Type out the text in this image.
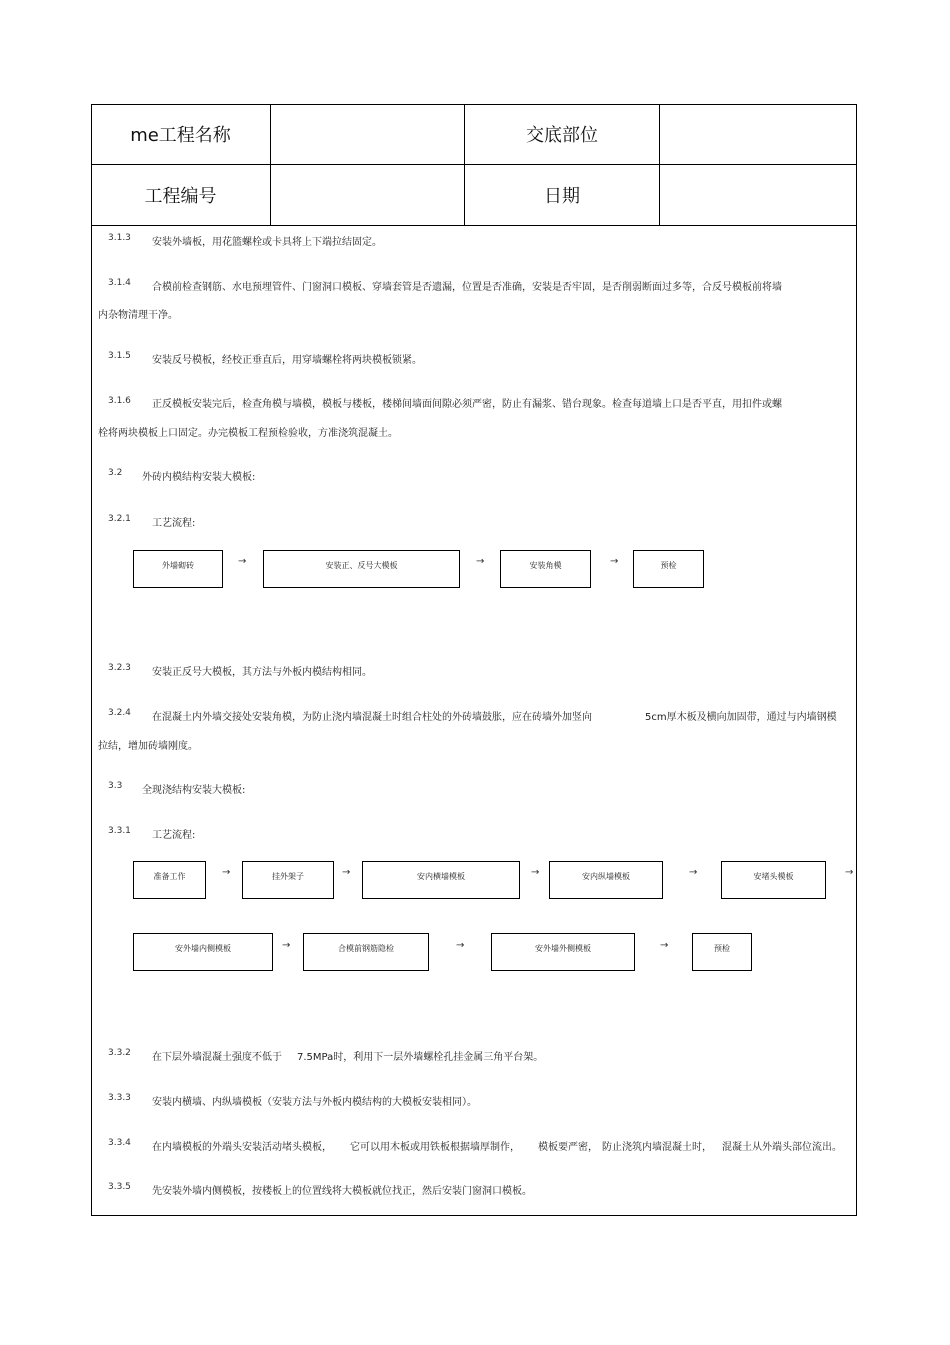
me工程名称	交底部位
工程编号	日期
3.1.3 安装外墙板，用花篮螺栓或卡具将上下端拉结固定。
3.1.4 合模前检查钢筋、水电预埋管件、门窗洞口模板、穿墙套管是否遗漏，位置是否准确，安装是否牢固，是否削弱断面过多等，合反号模板前将墙
内杂物清理干净。
3.1.5 安装反号模板，经校正垂直后，用穿墙螺栓将两块模板锁紧。
3.1.6 正反模板安装完后，检查角模与墙模，模板与楼板，楼梯间墙面间隙必须严密，防止有漏浆、错台现象。检查每道墙上口是否平直，用扣件或螺
栓将两块模板上口固定。办完模板工程预检验收，方准浇筑混凝土。
3.2 外砖内模结构安装大模板:
3.2.1 工艺流程:
外墙砌砖	→	安装正、反号大模板	→	安装角模	→	预检
3.2.3 安装正反号大模板，其方法与外板内模结构相同。
3.2.4 在混凝土内外墙交接处安装角模，为防止浇内墙混凝土时组合柱处的外砖墙鼓胀，应在砖墙外加竖向	5cm厚木板及横向加固带，通过与内墙钢模
拉结，增加砖墙刚度。
3.3 全现浇结构安装大模板:
3.3.1 工艺流程:
准备工作	→	挂外架子	→	安内横墙模板	→	安内纵墙模板	→	安堵头模板	→
安外墙内侧模板	→	合模前钢筋隐检	→	安外墙外侧模板	→	预检
3.3.2 在下层外墙混凝土强度不低于 7.5MPa时，利用下一层外墙螺栓孔挂金属三角平台架。
3.3.3 安装内横墙、内纵墙模板（安装方法与外板内模结构的大模板安装相同）。
3.3.4 在内墙模板的外端头安装活动堵头模板， 它可以用木板或用铁板根据墙厚制作， 模板要严密， 防止浇筑内墙混凝土时， 混凝土从外端头部位流出。
3.3.5 先安装外墙内侧模板，按楼板上的位置线将大模板就位找正，然后安装门窗洞口模板。
